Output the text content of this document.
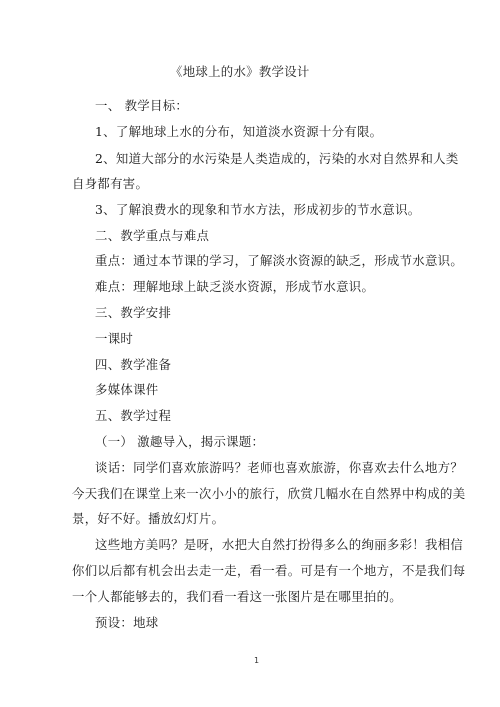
《地球上的水》教学设计
一、 教学目标：
1、了解地球上水的分布，知道淡水资源十分有限。
2、知道大部分的水污染是人类造成的，污染的水对自然界和人类
自身都有害。
3、了解浪费水的现象和节水方法，形成初步的节水意识。
二、教学重点与难点
重点：通过本节课的学习，了解淡水资源的缺乏，形成节水意识。
难点：理解地球上缺乏淡水资源，形成节水意识。
三、教学安排
一课时
四、教学准备
多媒体课件
五、教学过程
（一） 激趣导入，揭示课题：
谈话：同学们喜欢旅游吗？老师也喜欢旅游，你喜欢去什么地方？
今天我们在课堂上来一次小小的旅行，欣赏几幅水在自然界中构成的美
景，好不好。播放幻灯片。
这些地方美吗？是呀，水把大自然打扮得多么的绚丽多彩！我相信
你们以后都有机会出去走一走，看一看。可是有一个地方，不是我们每
一个人都能够去的，我们看一看这一张图片是在哪里拍的。
预设：地球
1
